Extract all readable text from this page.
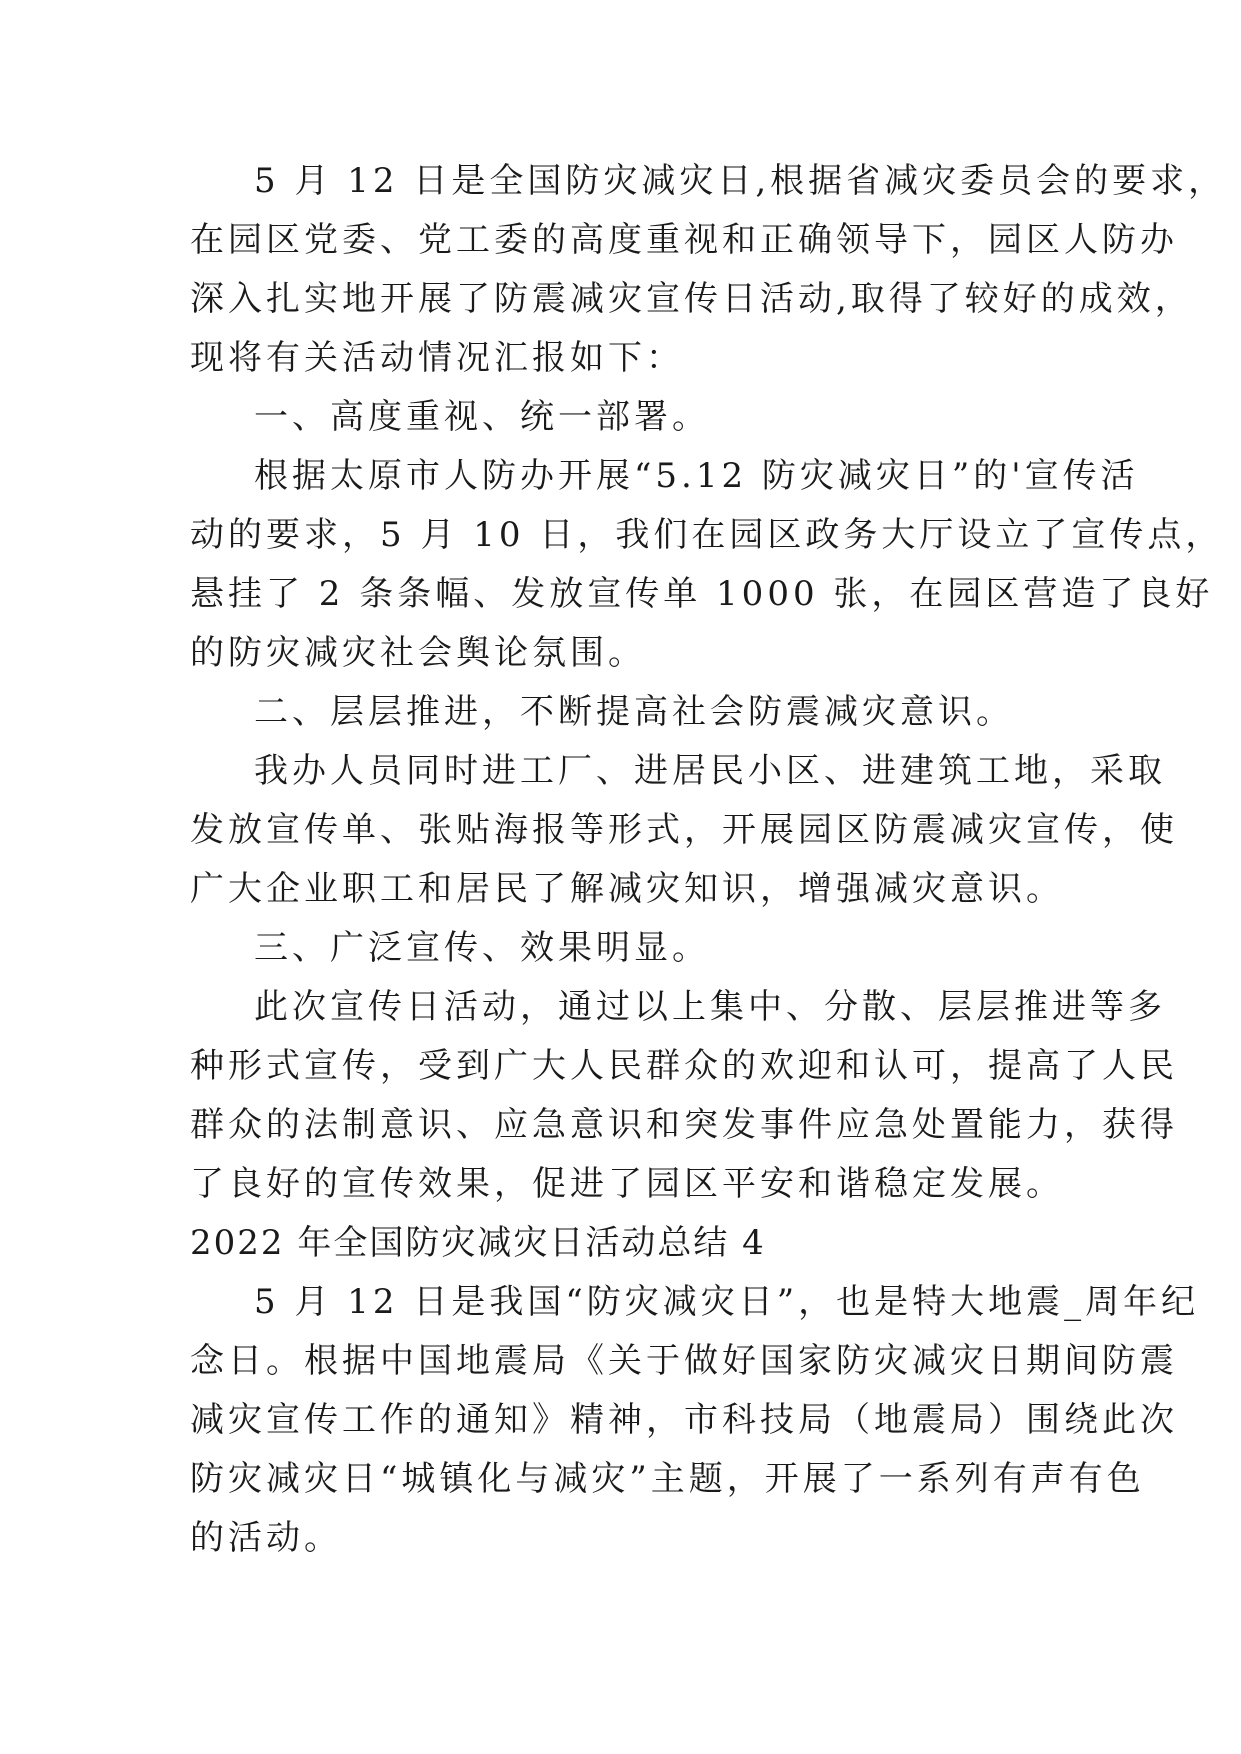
5 月 12 日是全国防灾减灾日,根据省减灾委员会的要求，
在园区党委、党工委的高度重视和正确领导下，园区人防办
深入扎实地开展了防震减灾宣传日活动,取得了较好的成效，
现将有关活动情况汇报如下：
一、高度重视、统一部署。
根据太原市人防办开展“5.12 防灾减灾日”的'宣传活
动的要求，5 月 10 日，我们在园区政务大厅设立了宣传点，
悬挂了 2 条条幅、发放宣传单 1000 张，在园区营造了良好
的防灾减灾社会舆论氛围。
二、层层推进，不断提高社会防震减灾意识。
我办人员同时进工厂、进居民小区、进建筑工地，采取
发放宣传单、张贴海报等形式，开展园区防震减灾宣传，使
广大企业职工和居民了解减灾知识，增强减灾意识。
三、广泛宣传、效果明显。
此次宣传日活动，通过以上集中、分散、层层推进等多
种形式宣传，受到广大人民群众的欢迎和认可，提高了人民
群众的法制意识、应急意识和突发事件应急处置能力，获得
了良好的宣传效果，促进了园区平安和谐稳定发展。
2022 年全国防灾减灾日活动总结 4
5 月 12 日是我国“防灾减灾日”，也是特大地震_周年纪
念日。根据中国地震局《关于做好国家防灾减灾日期间防震
减灾宣传工作的通知》精神，市科技局（地震局）围绕此次
防灾减灾日“城镇化与减灾”主题，开展了一系列有声有色
的活动。
